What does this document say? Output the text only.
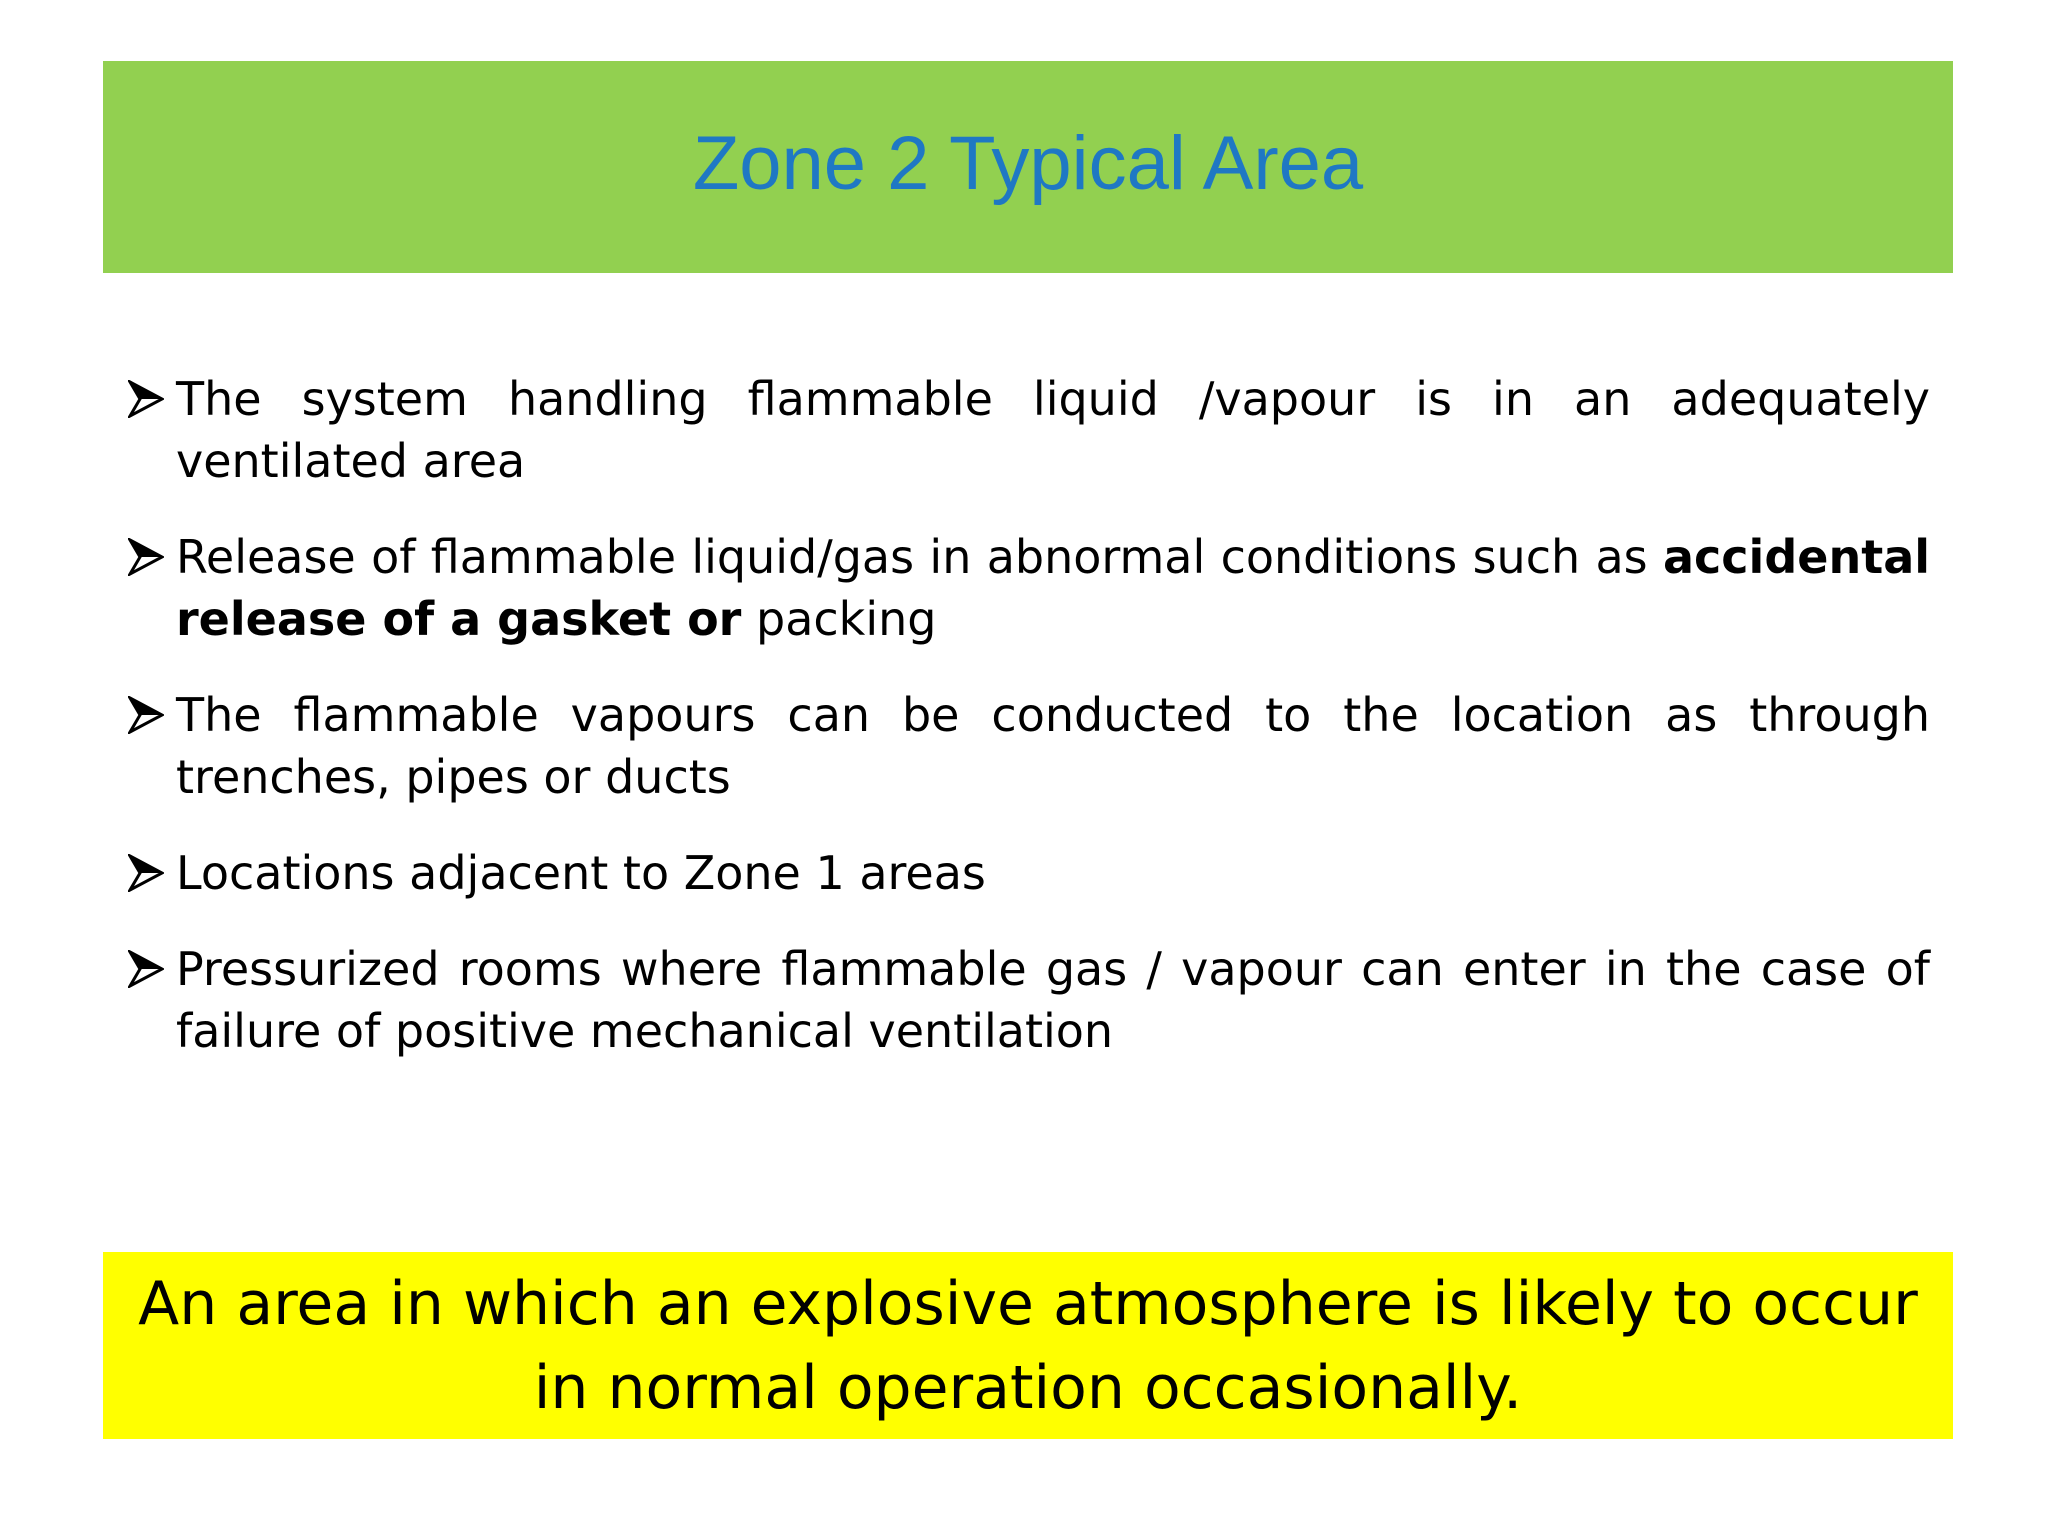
Zone 2 Typical Area
The system handling flammable liquid /vapour is in an adequately ventilated area
Release of flammable liquid/gas in abnormal conditions such as accidental release of a gasket or packing
The flammable vapours can be conducted to the location as through trenches, pipes or ducts
Locations adjacent to Zone 1 areas
Pressurized rooms where flammable gas / vapour can enter in the case of failure of positive mechanical ventilation
An area in which an explosive atmosphere is likely to occur in normal operation occasionally.
